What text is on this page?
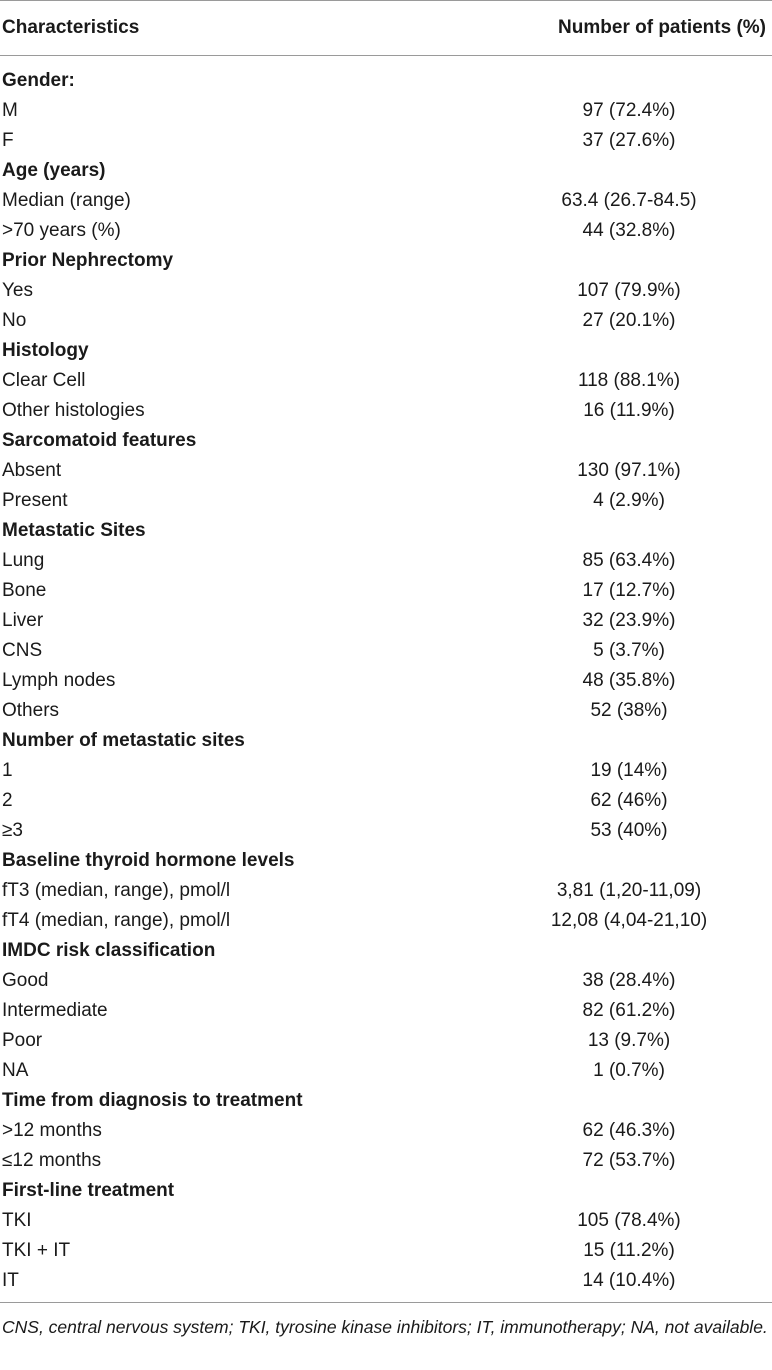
Characteristics	Number of patients (%)
Gender:
M	97 (72.4%)
F	37 (27.6%)
Age (years)
Median (range)	63.4 (26.7-84.5)
>70 years (%)	44 (32.8%)
Prior Nephrectomy
Yes	107 (79.9%)
No	27 (20.1%)
Histology
Clear Cell	118 (88.1%)
Other histologies	16 (11.9%)
Sarcomatoid features
Absent	130 (97.1%)
Present	4 (2.9%)
Metastatic Sites
Lung	85 (63.4%)
Bone	17 (12.7%)
Liver	32 (23.9%)
CNS	5 (3.7%)
Lymph nodes	48 (35.8%)
Others	52 (38%)
Number of metastatic sites
1	19 (14%)
2	62 (46%)
≥3	53 (40%)
Baseline thyroid hormone levels
fT3 (median, range), pmol/l	3,81 (1,20-11,09)
fT4 (median, range), pmol/l	12,08 (4,04-21,10)
IMDC risk classification
Good	38 (28.4%)
Intermediate	82 (61.2%)
Poor	13 (9.7%)
NA	1 (0.7%)
Time from diagnosis to treatment
>12 months	62 (46.3%)
≤12 months	72 (53.7%)
First-line treatment
TKI	105 (78.4%)
TKI + IT	15 (11.2%)
IT	14 (10.4%)
CNS, central nervous system; TKI, tyrosine kinase inhibitors; IT, immunotherapy; NA, not available.
